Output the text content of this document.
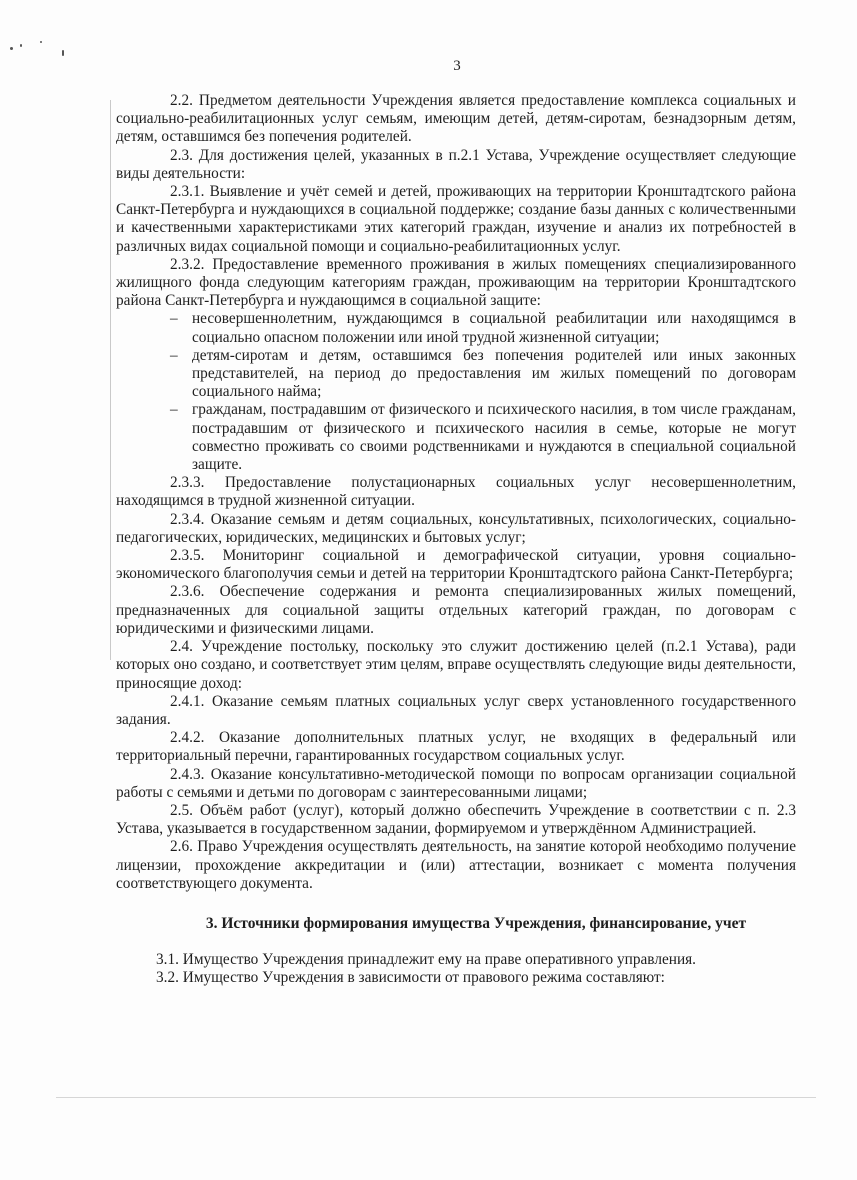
3

2.2. Предметом деятельности Учреждения является предоставление комплекса социальных и социально-реабилитационных услуг семьям, имеющим детей, детям-сиротам, безнадзорным детям, детям, оставшимся без попечения родителей.

2.3. Для достижения целей, указанных в п.2.1 Устава, Учреждение осуществляет следующие виды деятельности:

2.3.1. Выявление и учёт семей и детей, проживающих на территории Кронштадтского района Санкт-Петербурга и нуждающихся в социальной поддержке; создание базы данных с количественными и качественными характеристиками этих категорий граждан, изучение и анализ их потребностей в различных видах социальной помощи и социально-реабилитационных услуг.

2.3.2. Предоставление временного проживания в жилых помещениях специализированного жилищного фонда следующим категориям граждан, проживающим на территории Кронштадтского района Санкт-Петербурга и нуждающимся в социальной защите:

– несовершеннолетним, нуждающимся в социальной реабилитации или находящимся в социально опасном положении или иной трудной жизненной ситуации;
– детям-сиротам и детям, оставшимся без попечения родителей или иных законных представителей, на период до предоставления им жилых помещений по договорам социального найма;
– гражданам, пострадавшим от физического и психического насилия, в том числе гражданам, пострадавшим от физического и психического насилия в семье, которые не могут совместно проживать со своими родственниками и нуждаются в специальной социальной защите.

2.3.3. Предоставление полустационарных социальных услуг несовершеннолетним, находящимся в трудной жизненной ситуации.

2.3.4. Оказание семьям и детям социальных, консультативных, психологических, социально-педагогических, юридических, медицинских и бытовых услуг;

2.3.5. Мониторинг социальной и демографической ситуации, уровня социально-экономического благополучия семьи и детей на территории Кронштадтского района Санкт-Петербурга;

2.3.6. Обеспечение содержания и ремонта специализированных жилых помещений, предназначенных для социальной защиты отдельных категорий граждан, по договорам с юридическими и физическими лицами.

2.4. Учреждение постольку, поскольку это служит достижению целей (п.2.1 Устава), ради которых оно создано, и соответствует этим целям, вправе осуществлять следующие виды деятельности, приносящие доход:

2.4.1. Оказание семьям платных социальных услуг сверх установленного государственного задания.

2.4.2. Оказание дополнительных платных услуг, не входящих в федеральный или территориальный перечни, гарантированных государством социальных услуг.

2.4.3. Оказание консультативно-методической помощи по вопросам организации социальной работы с семьями и детьми по договорам с заинтересованными лицами;

2.5. Объём работ (услуг), который должно обеспечить Учреждение в соответствии с п. 2.3 Устава, указывается в государственном задании, формируемом и утверждённом Администрацией.

2.6. Право Учреждения осуществлять деятельность, на занятие которой необходимо получение лицензии, прохождение аккредитации и (или) аттестации, возникает с момента получения соответствующего документа.

3. Источники формирования имущества Учреждения, финансирование, учет

3.1. Имущество Учреждения принадлежит ему на праве оперативного управления.

3.2. Имущество Учреждения в зависимости от правового режима составляют:
